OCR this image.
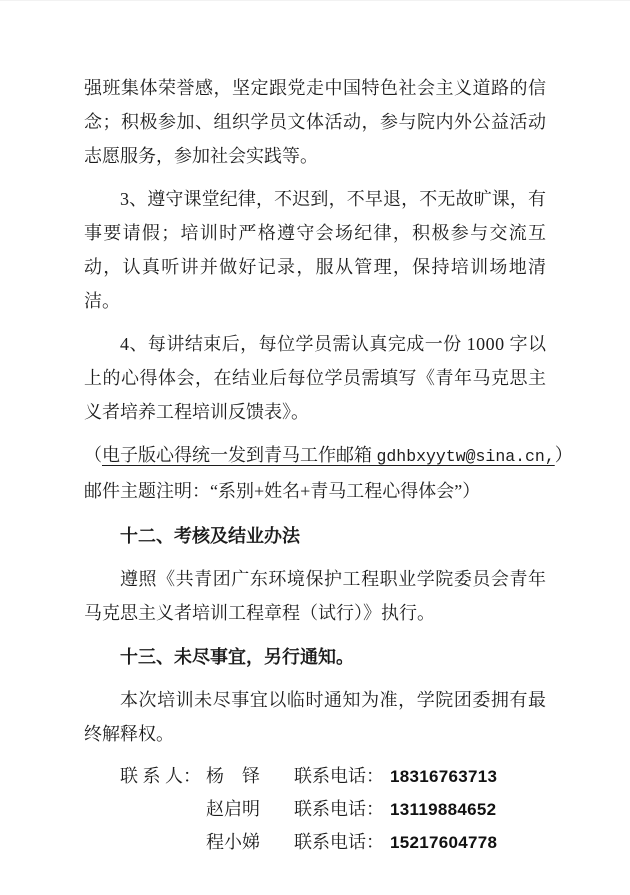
强班集体荣誉感，坚定跟党走中国特色社会主义道路的信念；积极参加、组织学员文体活动，参与院内外公益活动志愿服务，参加社会实践等。

3、遵守课堂纪律，不迟到，不早退，不无故旷课，有事要请假；培训时严格遵守会场纪律，积极参与交流互动，认真听讲并做好记录，服从管理，保持培训场地清洁。

4、每讲结束后，每位学员需认真完成一份 1000 字以上的心得体会，在结业后每位学员需填写《青年马克思主义者培养工程培训反馈表》。

（电子版心得统一发到青马工作邮箱 gdhbxyytw@sina.cn,）
邮件主题注明：“系别+姓名+青马工程心得体会”）
十二、考核及结业办法

遵照《共青团广东环境保护工程职业学院委员会青年马克思主义者培训工程章程（试行）》执行。

十三、未尽事宜，另行通知。

本次培训未尽事宜以临时通知为准，学院团委拥有最终解释权。

联 系 人： 杨　铎	联系电话： 18316763713
赵启明	联系电话： 13119884652
程小娣	联系电话： 15217604778
